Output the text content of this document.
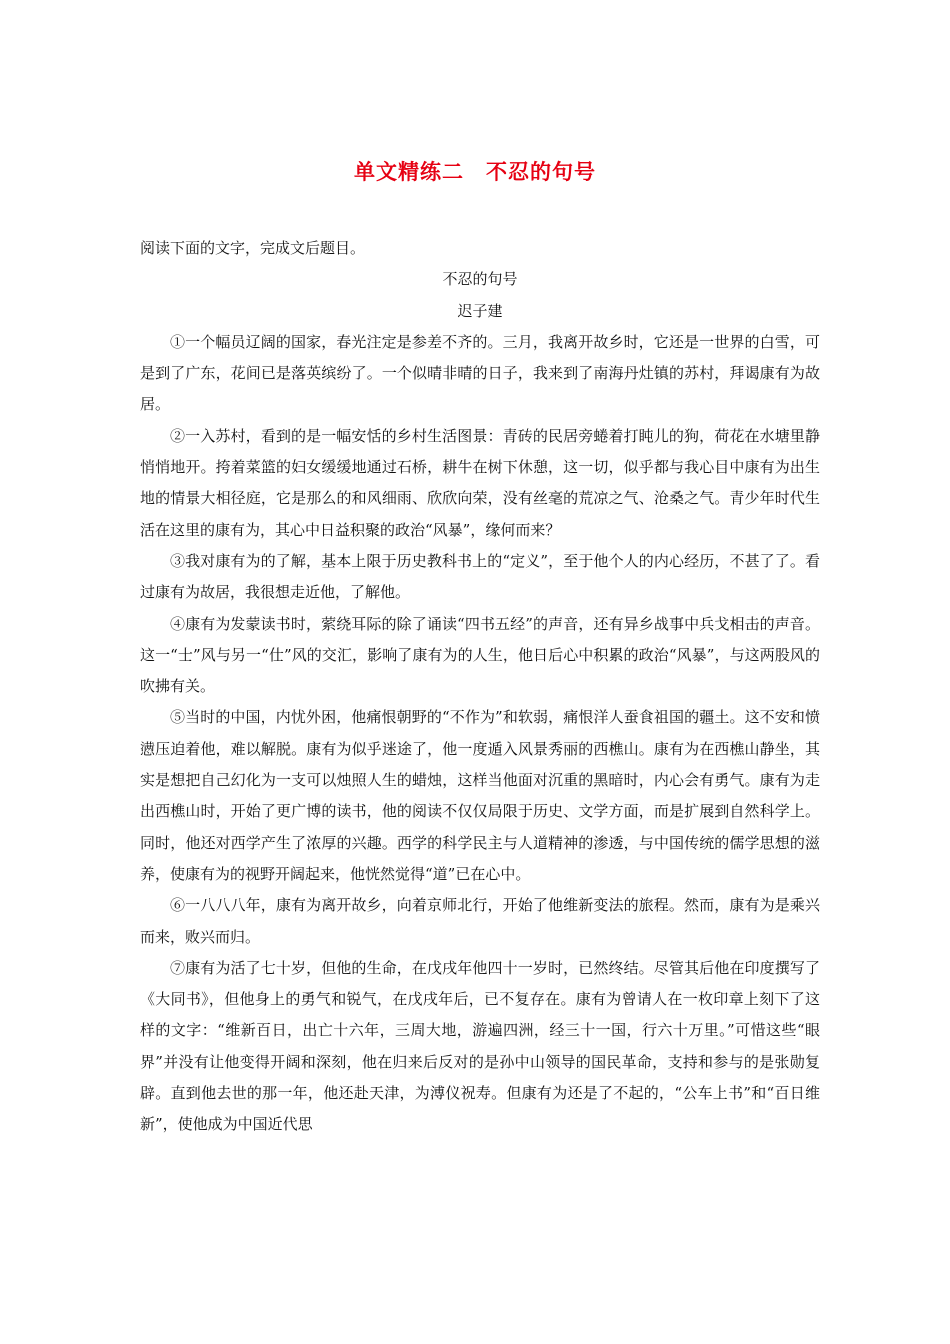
单文精练二　不忍的句号

阅读下面的文字，完成文后题目。

不忍的句号

迟子建

①一个幅员辽阔的国家，春光注定是参差不齐的。三月，我离开故乡时，它还是一世界的白雪，可是到了广东，花间已是落英缤纷了。一个似晴非晴的日子，我来到了南海丹灶镇的苏村，拜谒康有为故居。

②一入苏村，看到的是一幅安恬的乡村生活图景：青砖的民居旁蜷着打盹儿的狗，荷花在水塘里静悄悄地开。挎着菜篮的妇女缓缓地通过石桥，耕牛在树下休憩，这一切，似乎都与我心目中康有为出生地的情景大相径庭，它是那么的和风细雨、欣欣向荣，没有丝毫的荒凉之气、沧桑之气。青少年时代生活在这里的康有为，其心中日益积聚的政治“风暴”，缘何而来？

③我对康有为的了解，基本上限于历史教科书上的“定义”，至于他个人的内心经历，不甚了了。看过康有为故居，我很想走近他，了解他。

④康有为发蒙读书时，萦绕耳际的除了诵读“四书五经”的声音，还有异乡战事中兵戈相击的声音。这一“士”风与另一“仕”风的交汇，影响了康有为的人生，他日后心中积累的政治“风暴”，与这两股风的吹拂有关。

⑤当时的中国，内忧外困，他痛恨朝野的“不作为”和软弱，痛恨洋人蚕食祖国的疆土。这不安和愤懑压迫着他，难以解脱。康有为似乎迷途了，他一度遁入风景秀丽的西樵山。康有为在西樵山静坐，其实是想把自己幻化为一支可以烛照人生的蜡烛，这样当他面对沉重的黑暗时，内心会有勇气。康有为走出西樵山时，开始了更广博的读书，他的阅读不仅仅局限于历史、文学方面，而是扩展到自然科学上。同时，他还对西学产生了浓厚的兴趣。西学的科学民主与人道精神的渗透，与中国传统的儒学思想的滋养，使康有为的视野开阔起来，他恍然觉得“道”已在心中。

⑥一八八八年，康有为离开故乡，向着京师北行，开始了他维新变法的旅程。然而，康有为是乘兴而来，败兴而归。

⑦康有为活了七十岁，但他的生命，在戊戌年他四十一岁时，已然终结。尽管其后他在印度撰写了《大同书》，但他身上的勇气和锐气，在戊戌年后，已不复存在。康有为曾请人在一枚印章上刻下了这样的文字：“维新百日，出亡十六年，三周大地，游遍四洲，经三十一国，行六十万里。”可惜这些“眼界”并没有让他变得开阔和深刻，他在归来后反对的是孙中山领导的国民革命，支持和参与的是张勋复辟。直到他去世的那一年，他还赴天津，为溥仪祝寿。但康有为还是了不起的，“公车上书”和“百日维新”，使他成为中国近代思
